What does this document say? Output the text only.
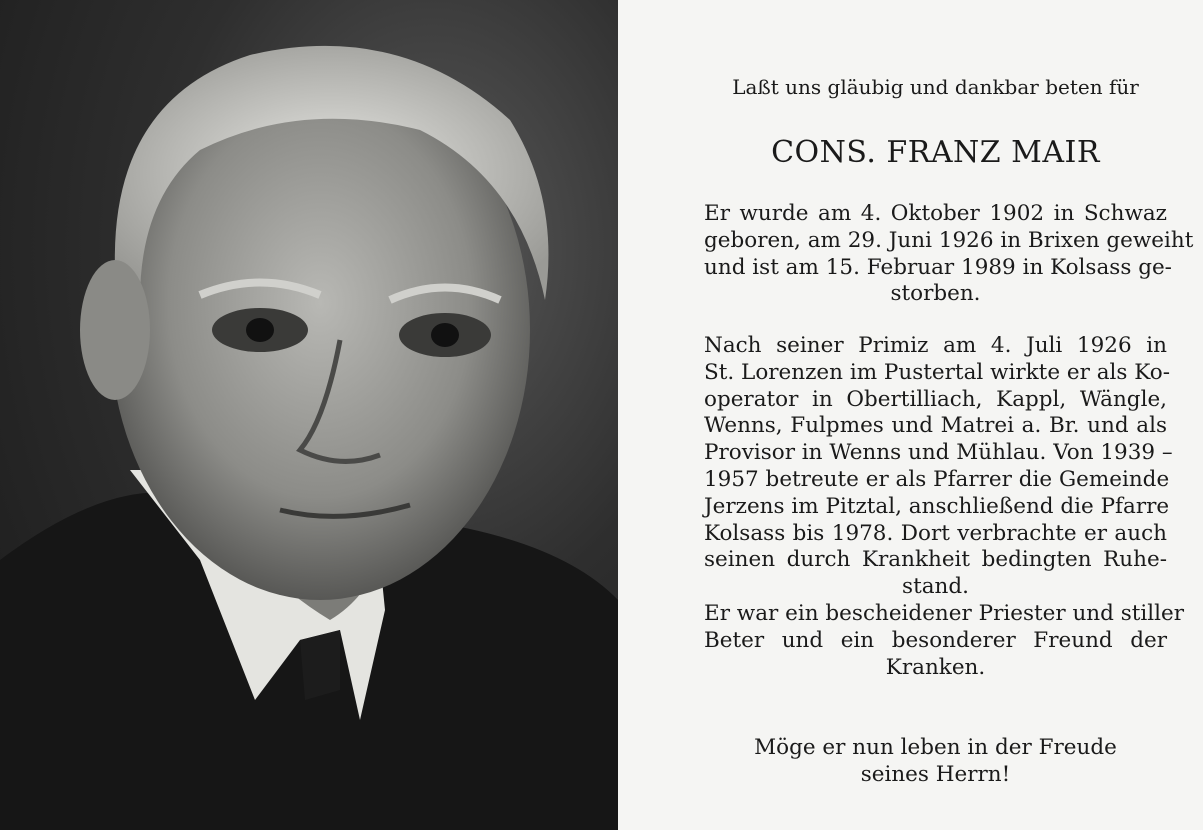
Laßt uns gläubig und dankbar beten für
CONS. FRANZ MAIR
Er wurde am 4. Oktober 1902 in Schwaz
geboren, am 29. Juni 1926 in Brixen geweiht
und ist am 15. Februar 1989 in Kolsass ge-
storben.
Nach seiner Primiz am 4. Juli 1926 in
St. Lorenzen im Pustertal wirkte er als Ko-
operator in Obertilliach, Kappl, Wängle,
Wenns, Fulpmes und Matrei a. Br. und als
Provisor in Wenns und Mühlau. Von 1939 –
1957 betreute er als Pfarrer die Gemeinde
Jerzens im Pitztal, anschließend die Pfarre
Kolsass bis 1978. Dort verbrachte er auch
seinen durch Krankheit bedingten Ruhe-
stand.
Er war ein bescheidener Priester und stiller
Beter und ein besonderer Freund der
Kranken.
Möge er nun leben in der Freude
seines Herrn!
